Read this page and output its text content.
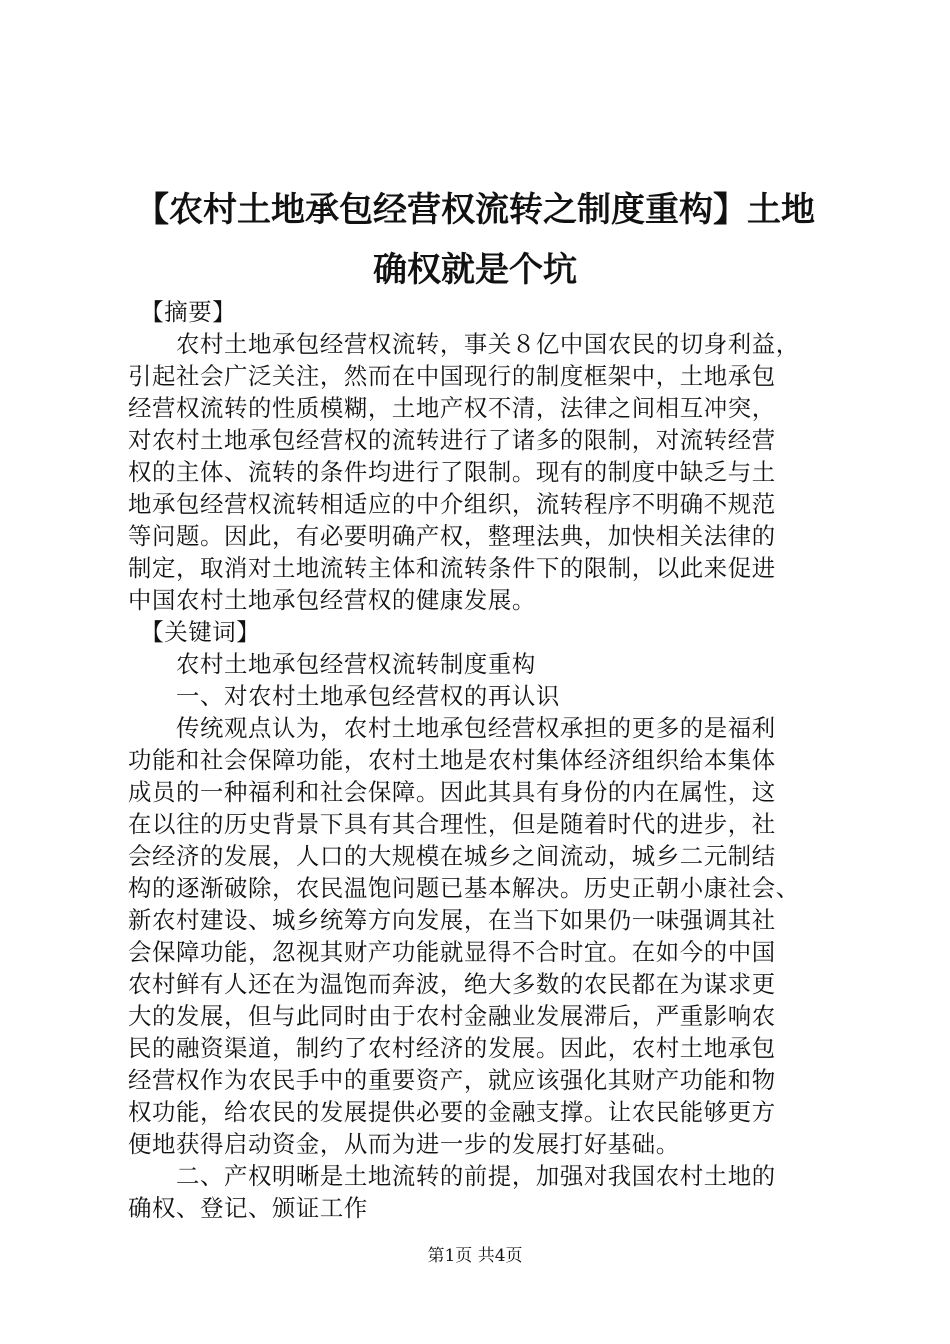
【农村土地承包经营权流转之制度重构】土地
确权就是个坑
　【摘要】
　　农村土地承包经营权流转，事关８亿中国农民的切身利益，
引起社会广泛关注，然而在中国现行的制度框架中，土地承包
经营权流转的性质模糊，土地产权不清，法律之间相互冲突，
对农村土地承包经营权的流转进行了诸多的限制，对流转经营
权的主体、流转的条件均进行了限制。现有的制度中缺乏与土
地承包经营权流转相适应的中介组织，流转程序不明确不规范
等问题。因此，有必要明确产权，整理法典，加快相关法律的
制定，取消对土地流转主体和流转条件下的限制，以此来促进
中国农村土地承包经营权的健康发展。
　【关键词】
　　农村土地承包经营权流转制度重构
　　一、对农村土地承包经营权的再认识
　　传统观点认为，农村土地承包经营权承担的更多的是福利
功能和社会保障功能，农村土地是农村集体经济组织给本集体
成员的一种福利和社会保障。因此其具有身份的内在属性，这
在以往的历史背景下具有其合理性，但是随着时代的进步，社
会经济的发展，人口的大规模在城乡之间流动，城乡二元制结
构的逐渐破除，农民温饱问题已基本解决。历史正朝小康社会、
新农村建设、城乡统筹方向发展，在当下如果仍一味强调其社
会保障功能，忽视其财产功能就显得不合时宜。在如今的中国
农村鲜有人还在为温饱而奔波，绝大多数的农民都在为谋求更
大的发展，但与此同时由于农村金融业发展滞后，严重影响农
民的融资渠道，制约了农村经济的发展。因此，农村土地承包
经营权作为农民手中的重要资产，就应该强化其财产功能和物
权功能，给农民的发展提供必要的金融支撑。让农民能够更方
便地获得启动资金，从而为进一步的发展打好基础。
　　二、产权明晰是土地流转的前提，加强对我国农村土地的
确权、登记、颁证工作
第1页 共4页
